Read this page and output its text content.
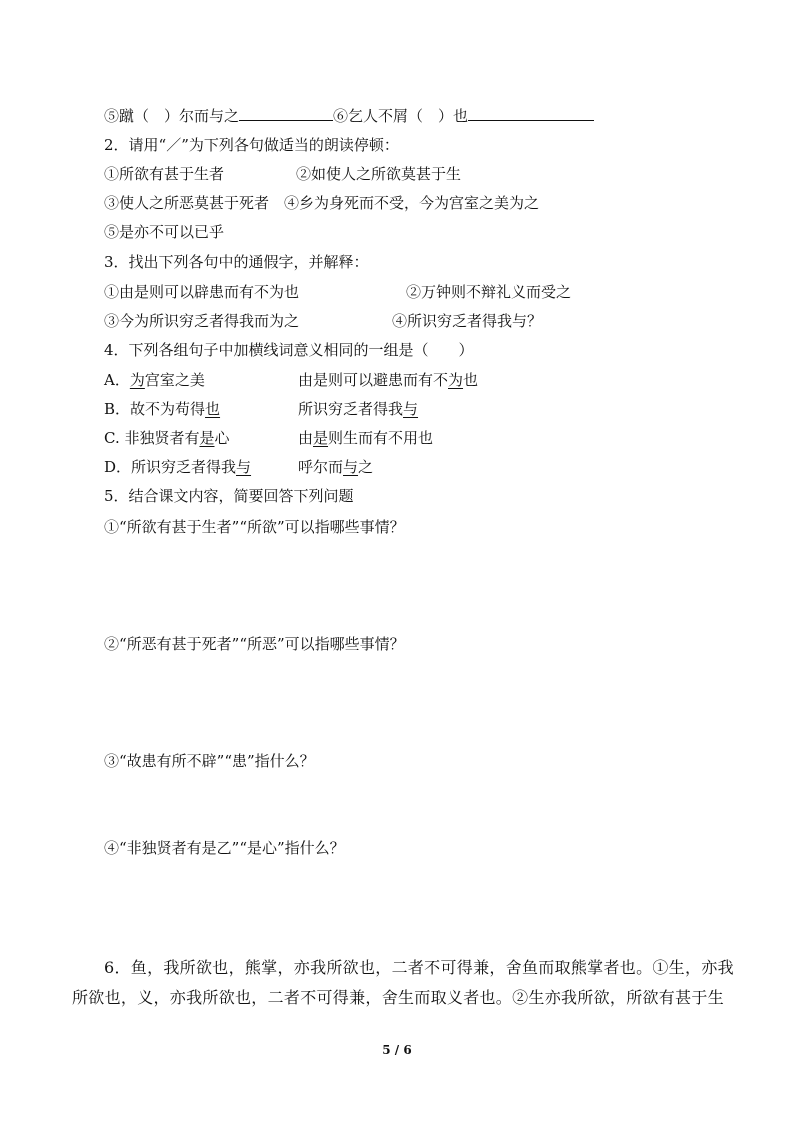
⑤蹴（　）尔而与之	⑥乞人不屑（　）也
2．请用“／”为下列各句做适当的朗读停顿：
①所欲有甚于生者	②如使人之所欲莫甚于生
③使人之所恶莫甚于死者　④乡为身死而不受，今为宫室之美为之
⑤是亦不可以已乎
3．找出下列各句中的通假字，并解释：
①由是则可以辟患而有不为也	②万钟则不辩礼义而受之
③今为所识穷乏者得我而为之	④所识穷乏者得我与？
4．下列各组句子中加横线词意义相同的一组是（　　）
A．为宫室之美	由是则可以避患而有不为也
B．故不为苟得也	所识穷乏者得我与
C. 非独贤者有是心	由是则生而有不用也
D．所识穷乏者得我与	呼尔而与之
5．结合课文内容，简要回答下列问题
①“所欲有甚于生者”“所欲”可以指哪些事情？
②“所恶有甚于死者”“所恶”可以指哪些事情？
③“故患有所不辟”“患”指什么？
④“非独贤者有是乙”“是心”指什么？
6．鱼，我所欲也，熊掌，亦我所欲也，二者不可得兼，舍鱼而取熊掌者也。①生，亦我
所欲也，义，亦我所欲也，二者不可得兼，舍生而取义者也。②生亦我所欲，所欲有甚于生
5 / 6
